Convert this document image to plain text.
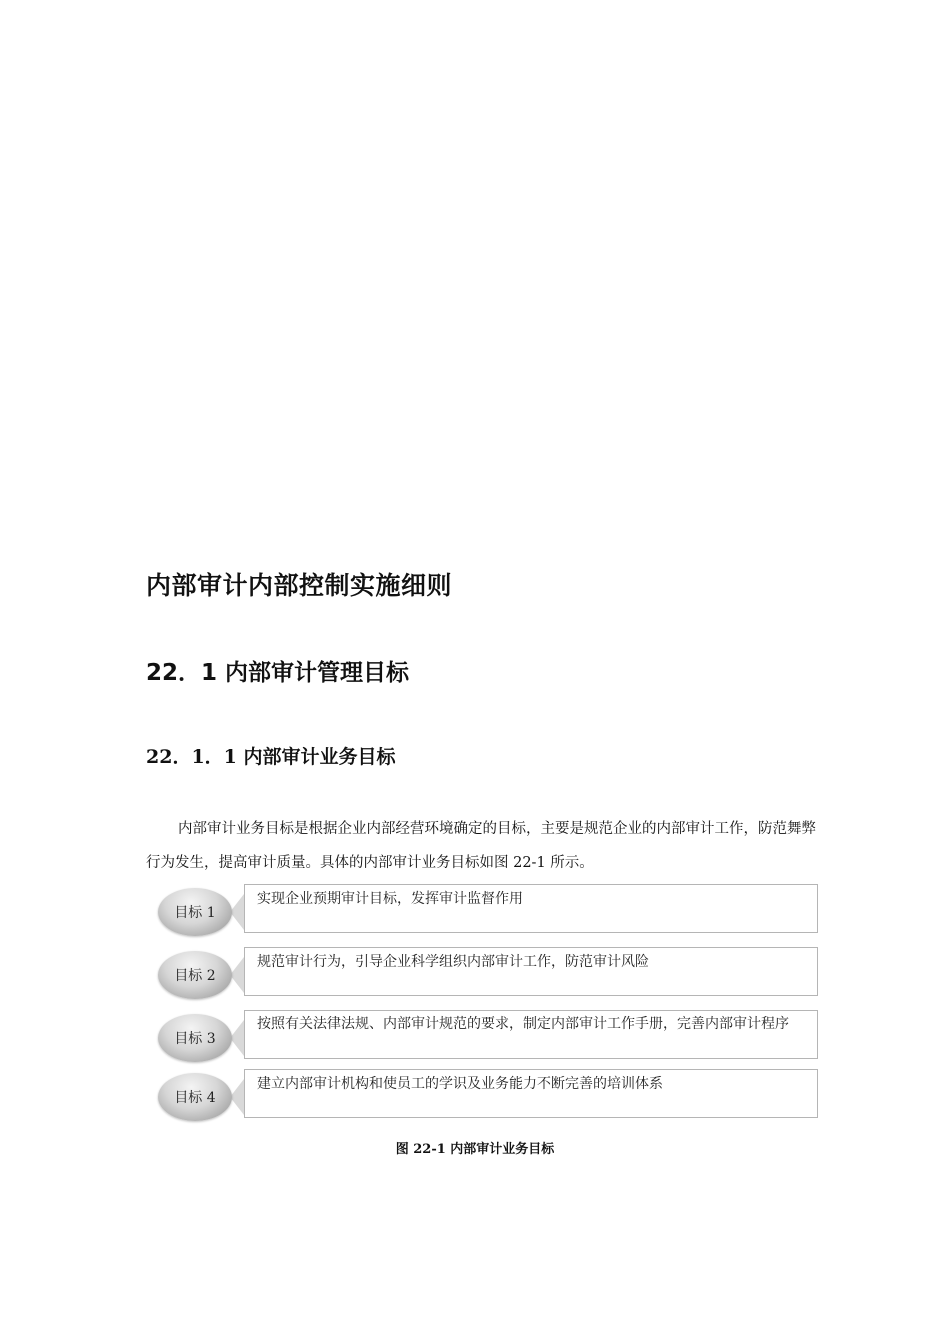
内部审计内部控制实施细则
22．1 内部审计管理目标
22．1．1 内部审计业务目标

内部审计业务目标是根据企业内部经营环境确定的目标，主要是规范企业的内部审计工作，防范舞弊行为发生，提高审计质量。具体的内部审计业务目标如图 22-1 所示。

实现企业预期审计目标，发挥审计监督作用
目标 1
规范审计行为，引导企业科学组织内部审计工作，防范审计风险
目标 2
按照有关法律法规、内部审计规范的要求，制定内部审计工作手册，完善内部审计程序
目标 3
建立内部审计机构和使员工的学识及业务能力不断完善的培训体系
目标 4
图 22-1 内部审计业务目标
